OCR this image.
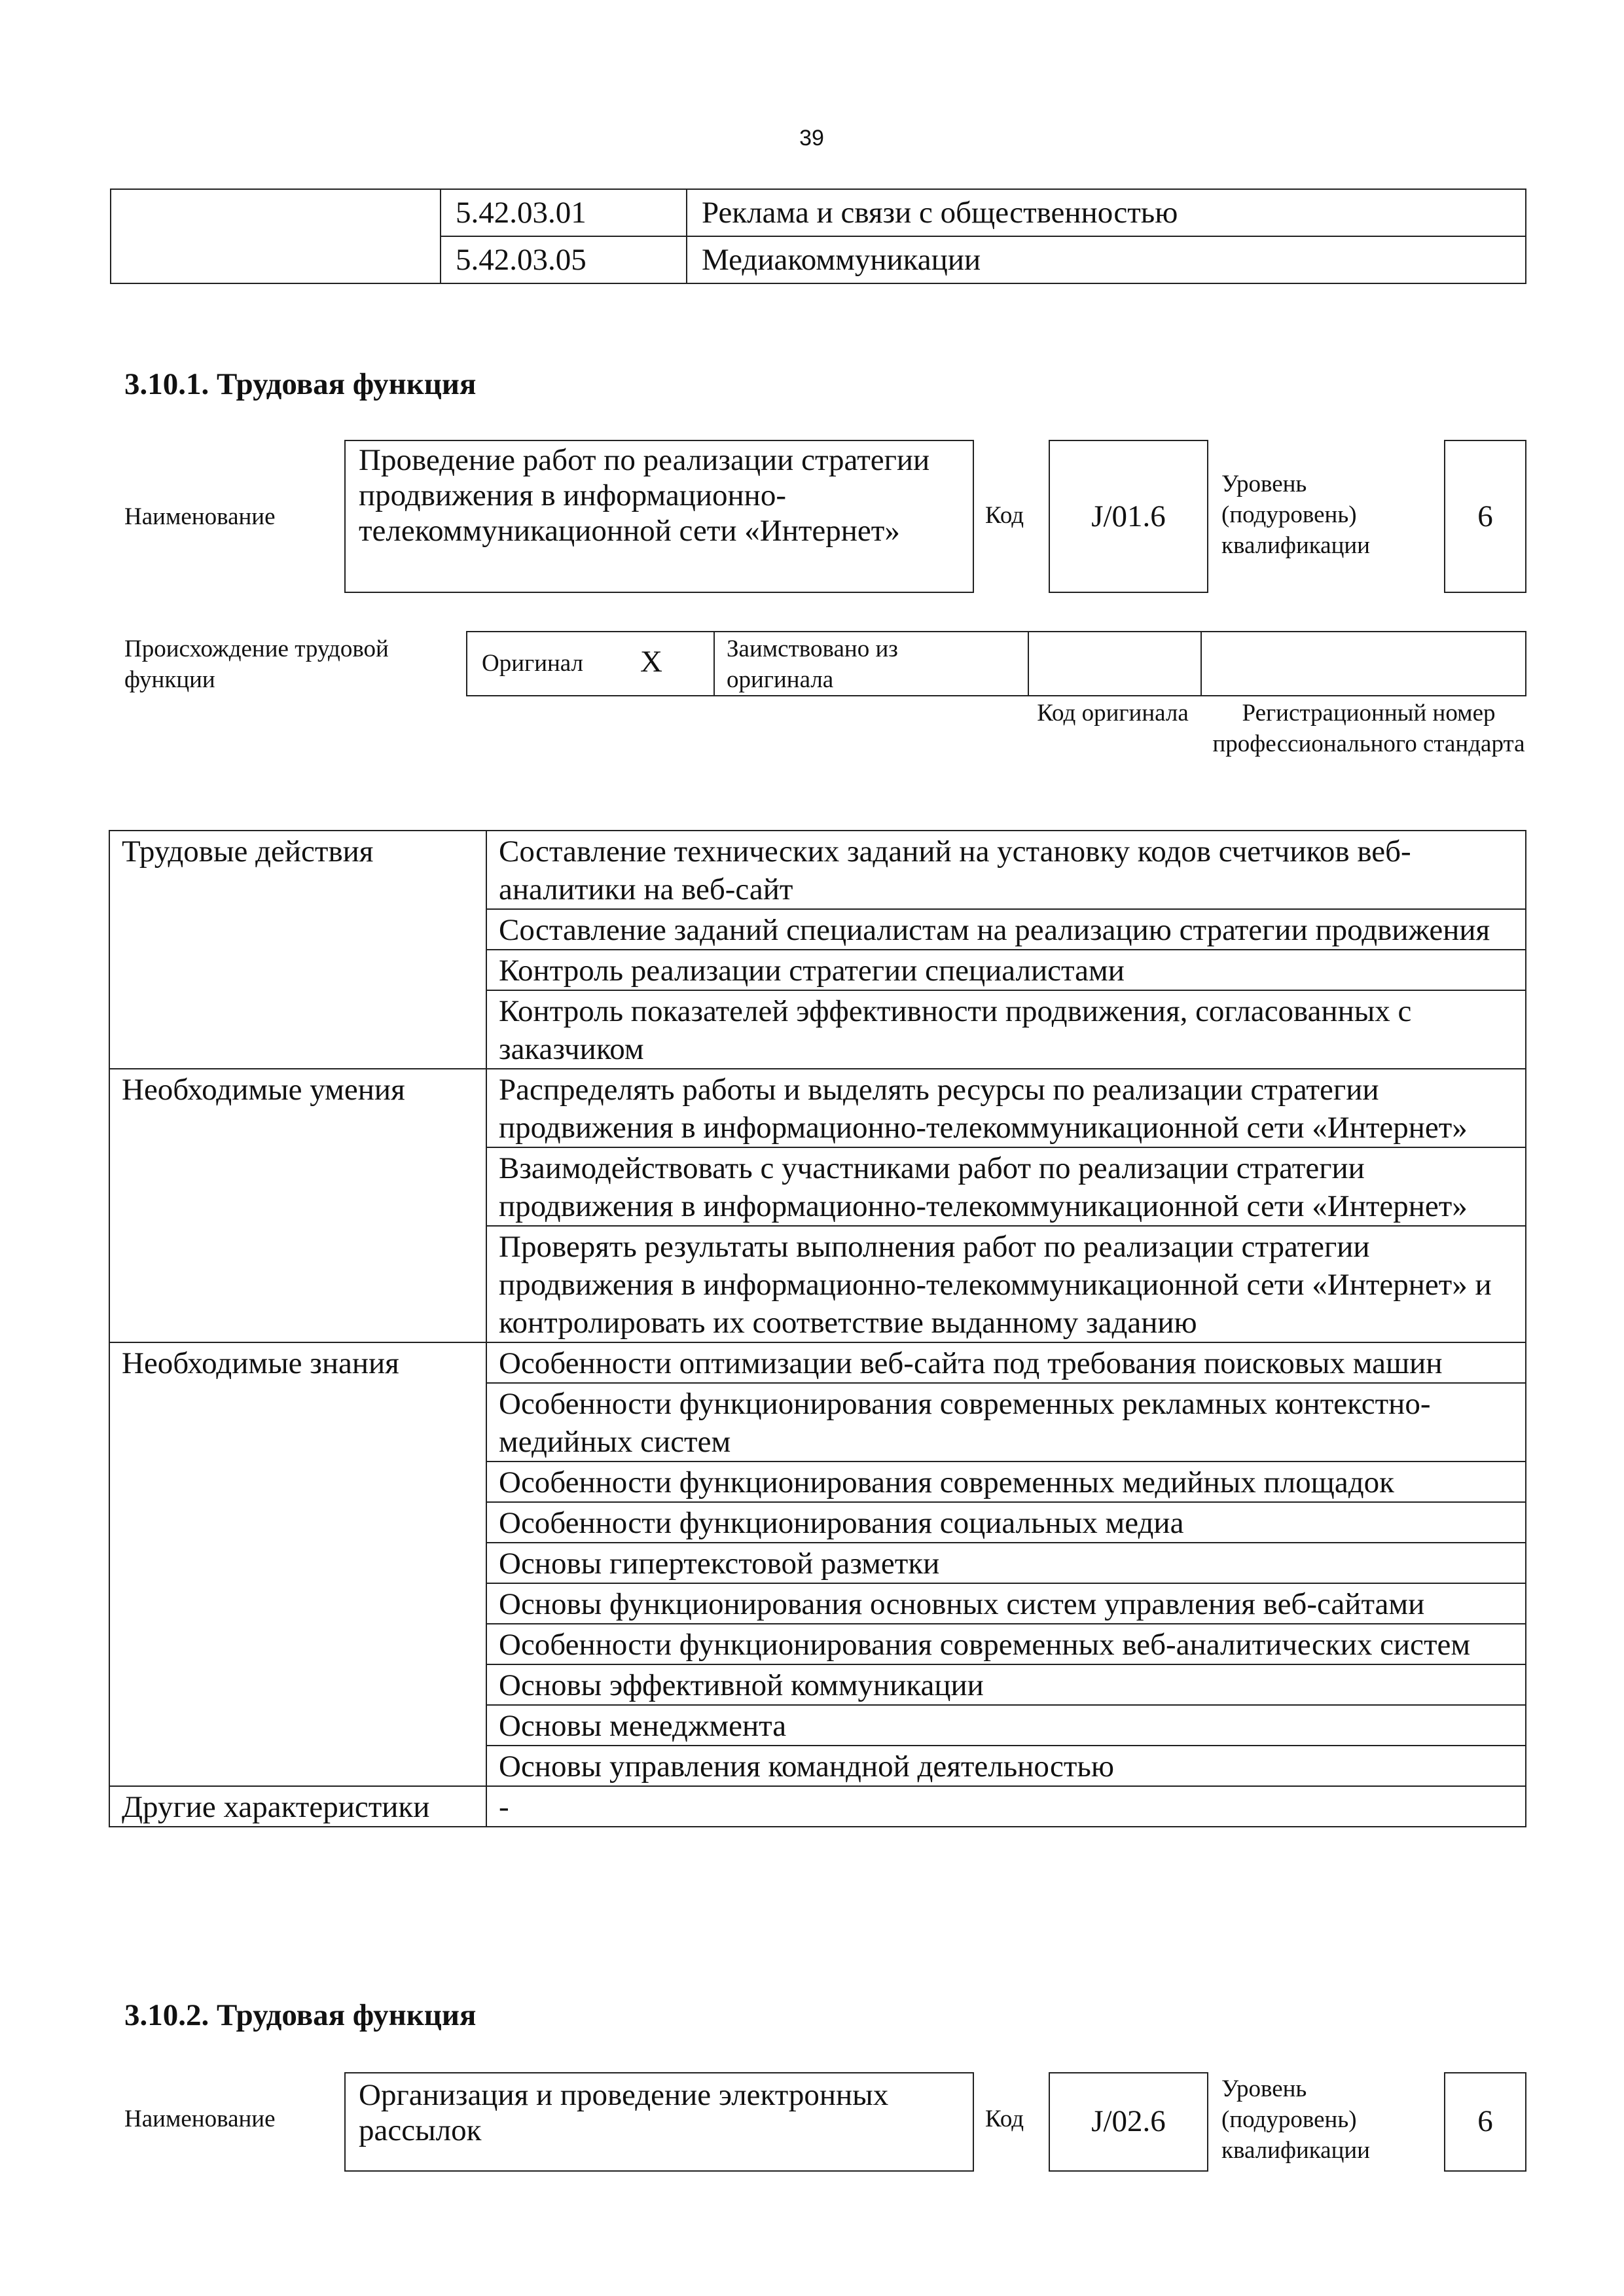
39
	5.42.03.01	Реклама и связи с общественностью
	5.42.03.05	Медиакоммуникации
3.10.1. Трудовая функция
Наименование
Проведение работ по реализации стратегии продвижения в информационно-телекоммуникационной сети «Интернет»	Код	J/01.6
Уровень (подуровень) квалификации
6
Происхождение трудовой функции
Оригинал X	Заимствовано из оригинала
Код оригинала	Регистрационный номер профессионального стандарта
Трудовые действия	Составление технических заданий на установку кодов счетчиков веб-аналитики на веб-сайт
	Составление заданий специалистам на реализацию стратегии продвижения
	Контроль реализации стратегии специалистами
	Контроль показателей эффективности продвижения, согласованных с заказчиком
Необходимые умения	Распределять работы и выделять ресурсы по реализации стратегии продвижения в информационно-телекоммуникационной сети «Интернет»
	Взаимодействовать с участниками работ по реализации стратегии продвижения в информационно-телекоммуникационной сети «Интернет»
	Проверять результаты выполнения работ по реализации стратегии продвижения в информационно-телекоммуникационной сети «Интернет» и контролировать их соответствие выданному заданию
Необходимые знания	Особенности оптимизации веб-сайта под требования поисковых машин
	Особенности функционирования современных рекламных контекстно-медийных систем
	Особенности функционирования современных медийных площадок
	Особенности функционирования социальных медиа
	Основы гипертекстовой разметки
	Основы функционирования основных систем управления веб-сайтами
	Особенности функционирования современных веб-аналитических систем
	Основы эффективной коммуникации
	Основы менеджмента
	Основы управления командной деятельностью
Другие характеристики	-
3.10.2. Трудовая функция
Наименование
Организация и проведение электронных рассылок	Код	J/02.6
Уровень (подуровень) квалификации
6
